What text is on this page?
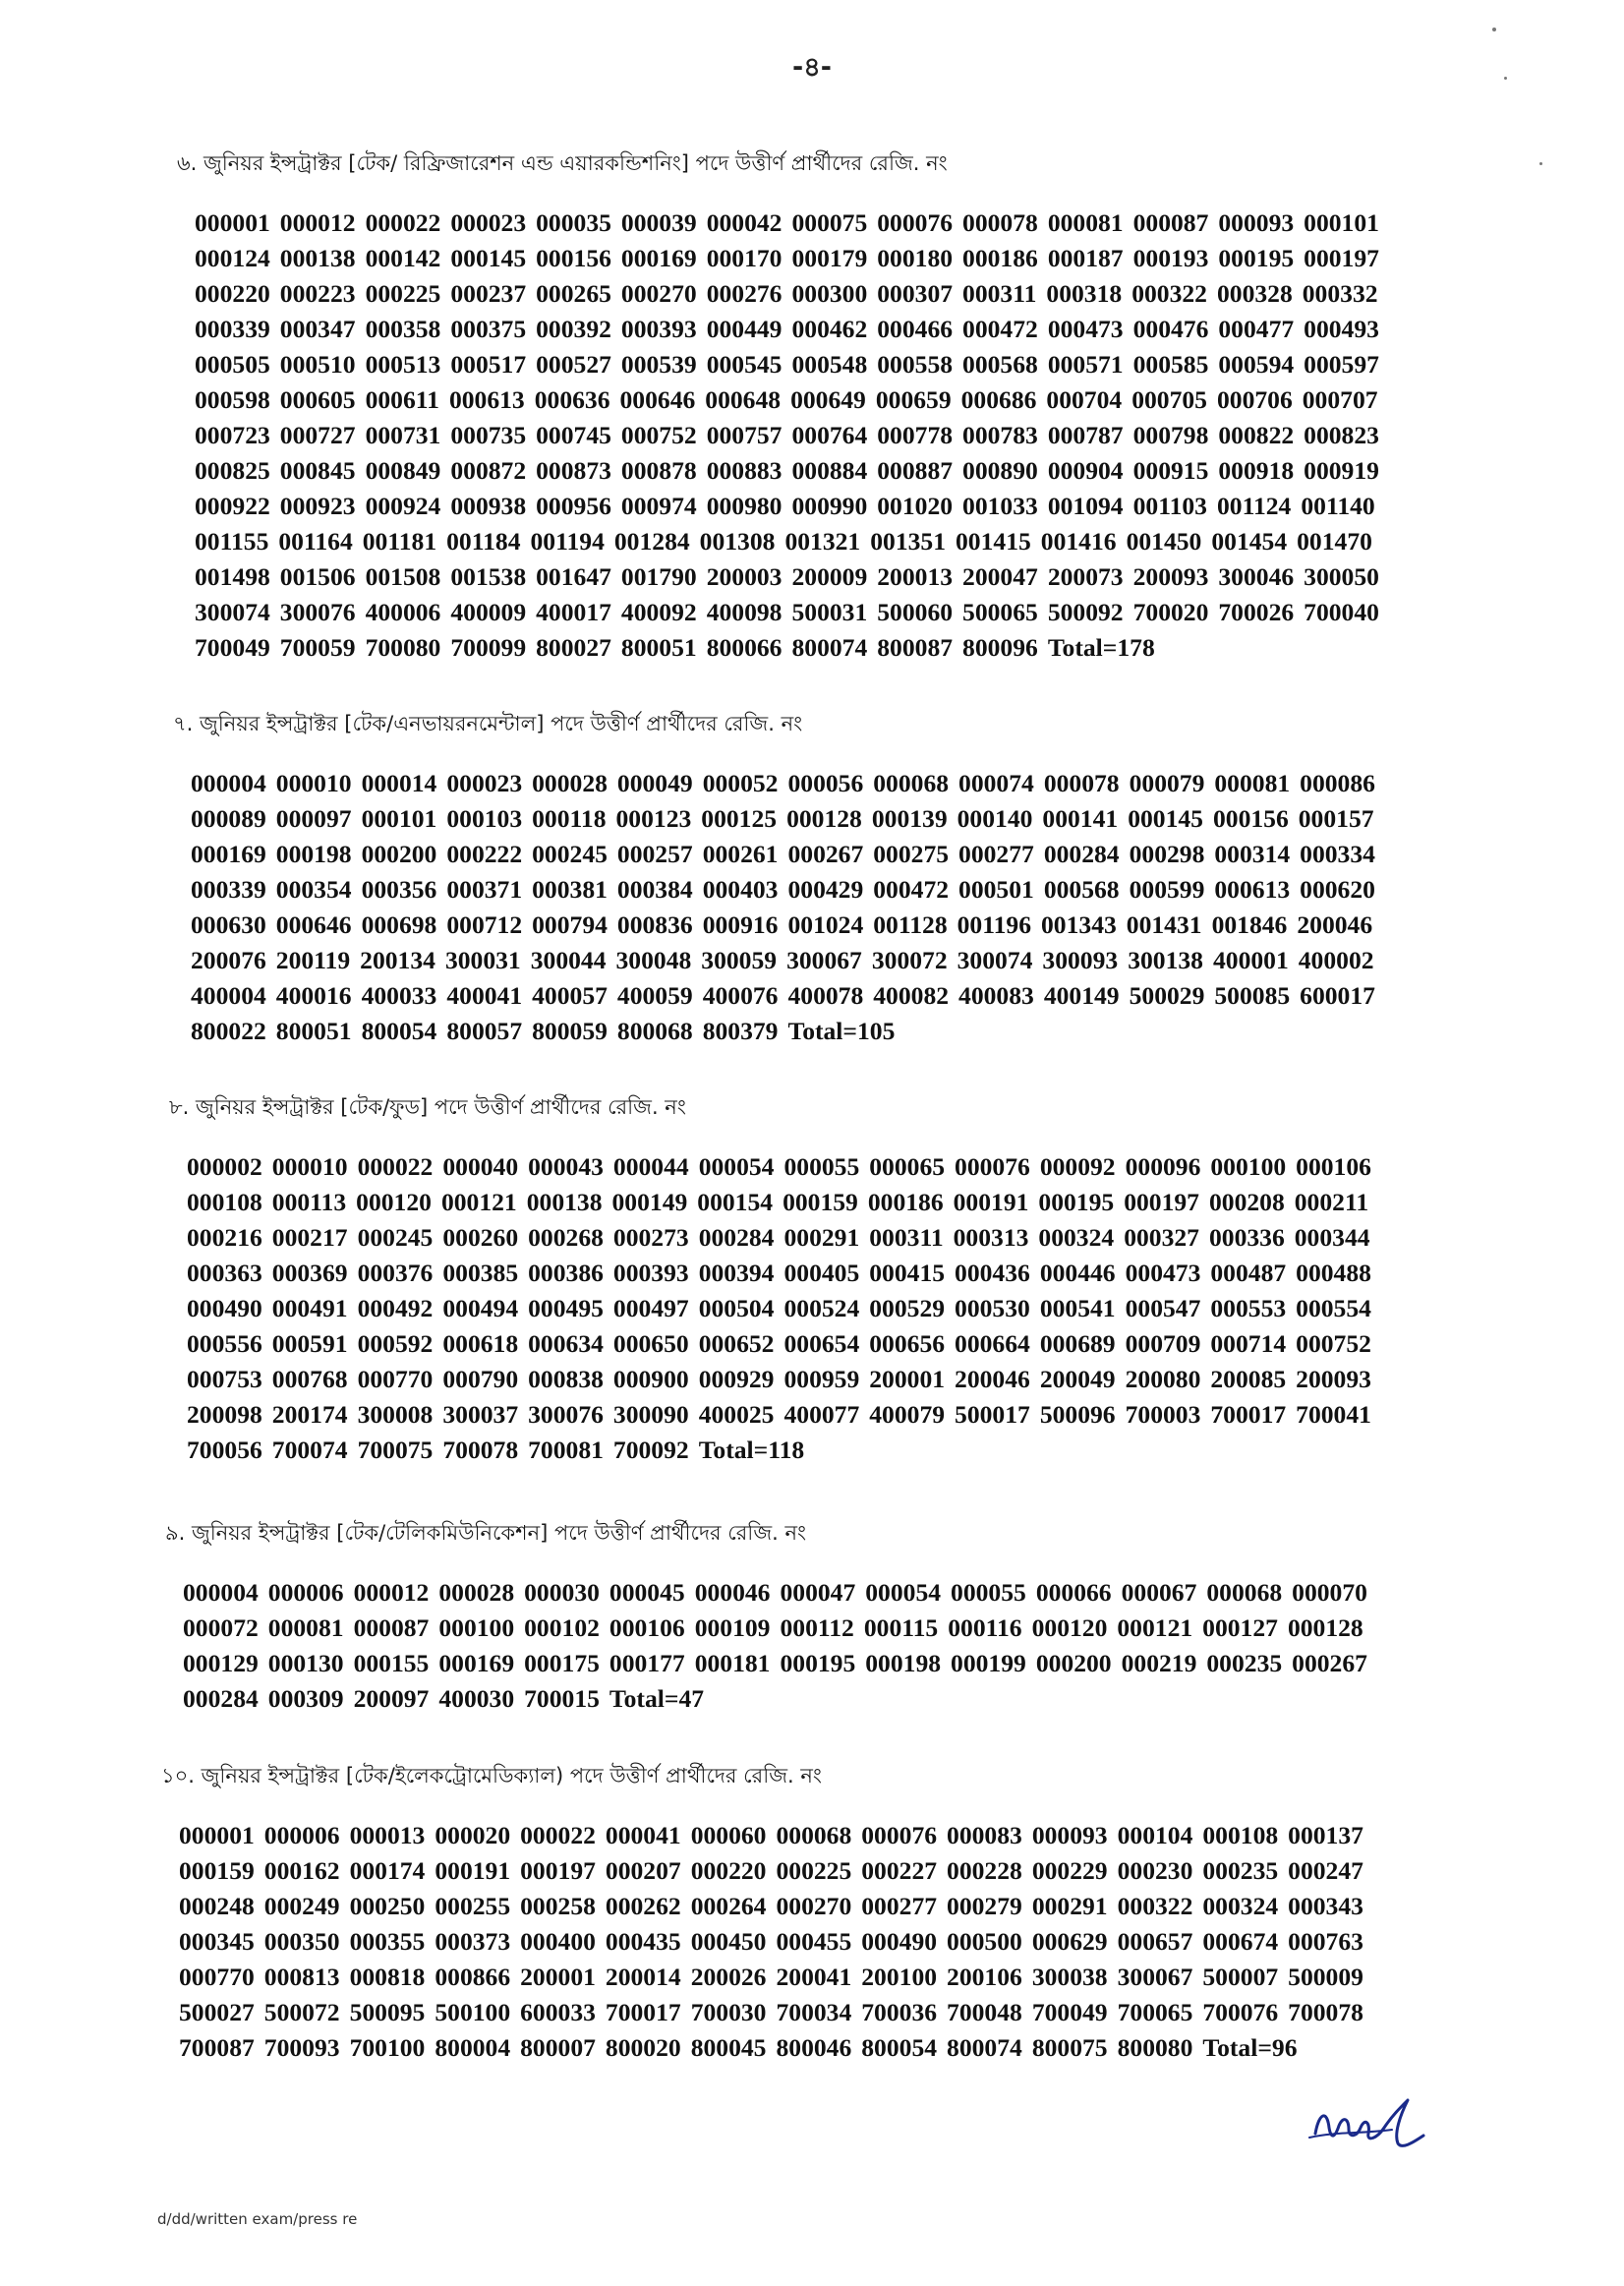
-৪-
৬. জুনিয়র ইন্সট্রাক্টর [টেক/ রিফ্রিজারেশন এন্ড এয়ারকন্ডিশনিং] পদে উত্তীর্ণ প্রার্থীদের রেজি. নং
000001 000012 000022 000023 000035 000039 000042 000075 000076 000078 000081 000087 000093 000101
000124 000138 000142 000145 000156 000169 000170 000179 000180 000186 000187 000193 000195 000197
000220 000223 000225 000237 000265 000270 000276 000300 000307 000311 000318 000322 000328 000332
000339 000347 000358 000375 000392 000393 000449 000462 000466 000472 000473 000476 000477 000493
000505 000510 000513 000517 000527 000539 000545 000548 000558 000568 000571 000585 000594 000597
000598 000605 000611 000613 000636 000646 000648 000649 000659 000686 000704 000705 000706 000707
000723 000727 000731 000735 000745 000752 000757 000764 000778 000783 000787 000798 000822 000823
000825 000845 000849 000872 000873 000878 000883 000884 000887 000890 000904 000915 000918 000919
000922 000923 000924 000938 000956 000974 000980 000990 001020 001033 001094 001103 001124 001140
001155 001164 001181 001184 001194 001284 001308 001321 001351 001415 001416 001450 001454 001470
001498 001506 001508 001538 001647 001790 200003 200009 200013 200047 200073 200093 300046 300050
300074 300076 400006 400009 400017 400092 400098 500031 500060 500065 500092 700020 700026 700040
700049 700059 700080 700099 800027 800051 800066 800074 800087 800096 Total=178
৭. জুনিয়র ইন্সট্রাক্টর [টেক/এনভায়রনমেন্টাল] পদে উত্তীর্ণ প্রার্থীদের রেজি. নং
000004 000010 000014 000023 000028 000049 000052 000056 000068 000074 000078 000079 000081 000086
000089 000097 000101 000103 000118 000123 000125 000128 000139 000140 000141 000145 000156 000157
000169 000198 000200 000222 000245 000257 000261 000267 000275 000277 000284 000298 000314 000334
000339 000354 000356 000371 000381 000384 000403 000429 000472 000501 000568 000599 000613 000620
000630 000646 000698 000712 000794 000836 000916 001024 001128 001196 001343 001431 001846 200046
200076 200119 200134 300031 300044 300048 300059 300067 300072 300074 300093 300138 400001 400002
400004 400016 400033 400041 400057 400059 400076 400078 400082 400083 400149 500029 500085 600017
800022 800051 800054 800057 800059 800068 800379 Total=105
৮. জুনিয়র ইন্সট্রাক্টর [টেক/ফুড] পদে উত্তীর্ণ প্রার্থীদের রেজি. নং
000002 000010 000022 000040 000043 000044 000054 000055 000065 000076 000092 000096 000100 000106
000108 000113 000120 000121 000138 000149 000154 000159 000186 000191 000195 000197 000208 000211
000216 000217 000245 000260 000268 000273 000284 000291 000311 000313 000324 000327 000336 000344
000363 000369 000376 000385 000386 000393 000394 000405 000415 000436 000446 000473 000487 000488
000490 000491 000492 000494 000495 000497 000504 000524 000529 000530 000541 000547 000553 000554
000556 000591 000592 000618 000634 000650 000652 000654 000656 000664 000689 000709 000714 000752
000753 000768 000770 000790 000838 000900 000929 000959 200001 200046 200049 200080 200085 200093
200098 200174 300008 300037 300076 300090 400025 400077 400079 500017 500096 700003 700017 700041
700056 700074 700075 700078 700081 700092 Total=118
৯. জুনিয়র ইন্সট্রাক্টর [টেক/টেলিকমিউনিকেশন] পদে উত্তীর্ণ প্রার্থীদের রেজি. নং
000004 000006 000012 000028 000030 000045 000046 000047 000054 000055 000066 000067 000068 000070
000072 000081 000087 000100 000102 000106 000109 000112 000115 000116 000120 000121 000127 000128
000129 000130 000155 000169 000175 000177 000181 000195 000198 000199 000200 000219 000235 000267
000284 000309 200097 400030 700015 Total=47
১০. জুনিয়র ইন্সট্রাক্টর [টেক/ইলেকট্রোমেডিক্যাল) পদে উত্তীর্ণ প্রার্থীদের রেজি. নং
000001 000006 000013 000020 000022 000041 000060 000068 000076 000083 000093 000104 000108 000137
000159 000162 000174 000191 000197 000207 000220 000225 000227 000228 000229 000230 000235 000247
000248 000249 000250 000255 000258 000262 000264 000270 000277 000279 000291 000322 000324 000343
000345 000350 000355 000373 000400 000435 000450 000455 000490 000500 000629 000657 000674 000763
000770 000813 000818 000866 200001 200014 200026 200041 200100 200106 300038 300067 500007 500009
500027 500072 500095 500100 600033 700017 700030 700034 700036 700048 700049 700065 700076 700078
700087 700093 700100 800004 800007 800020 800045 800046 800054 800074 800075 800080 Total=96
d/dd/written exam/press re
